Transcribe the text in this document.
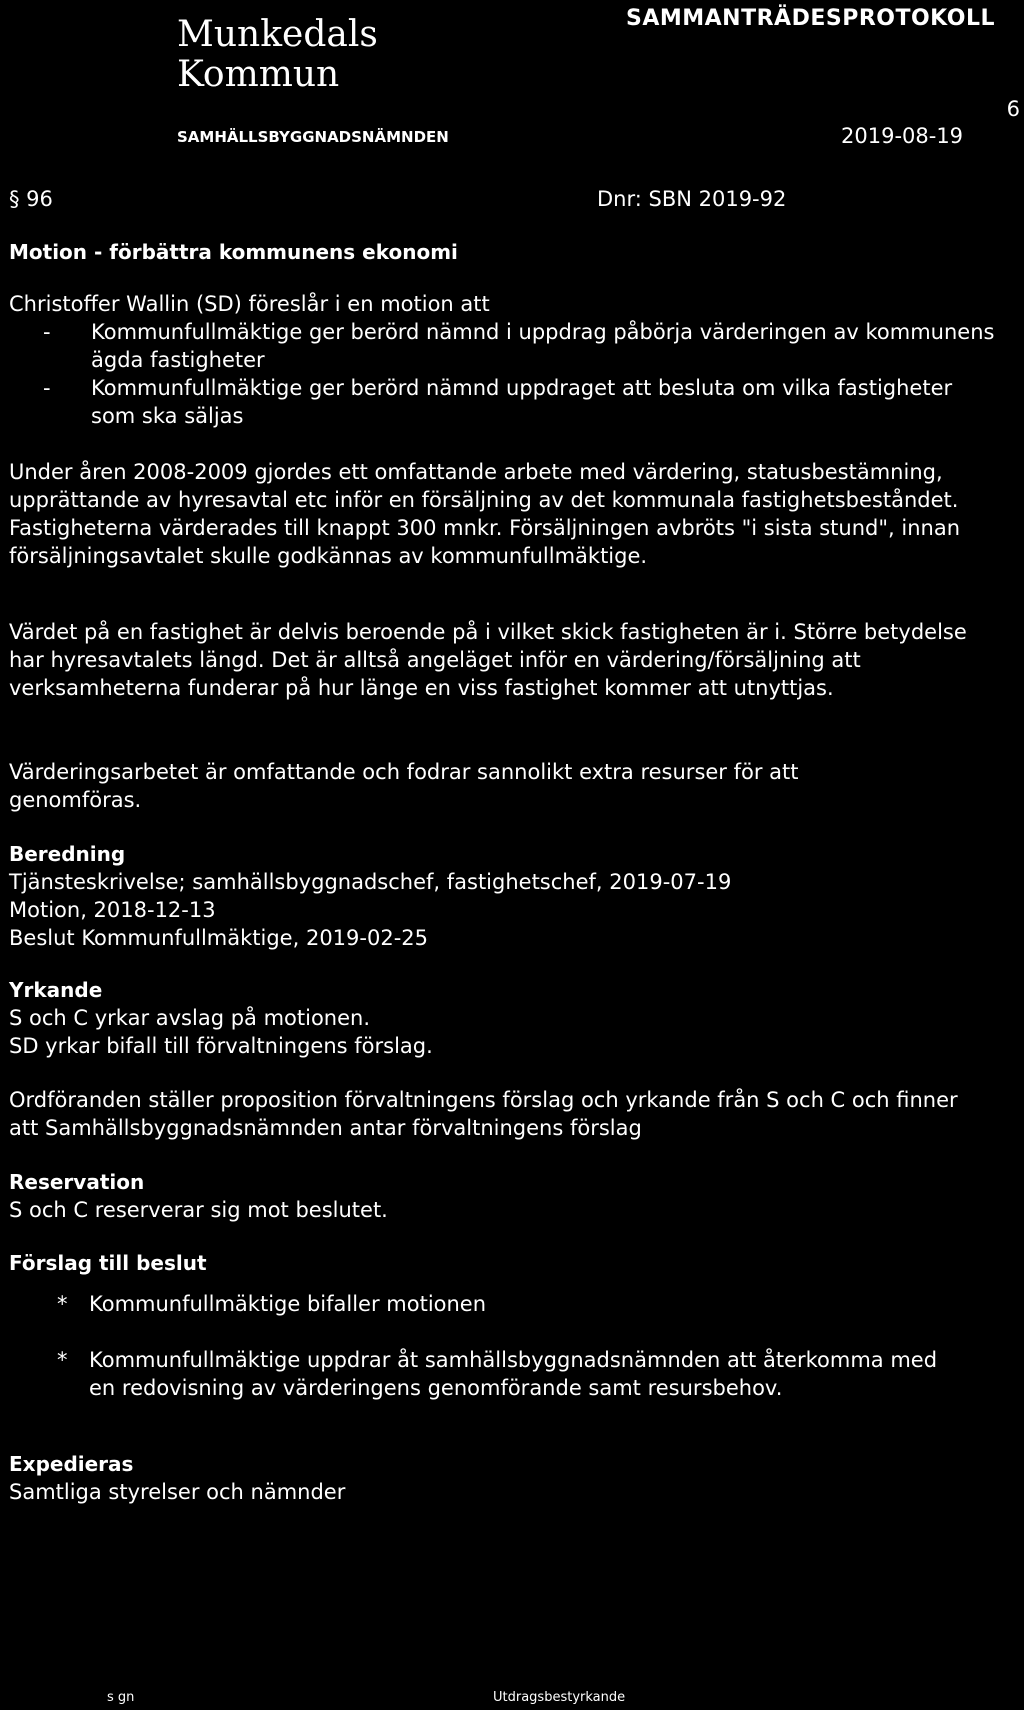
Munkedals
Kommun
SAMMANTRÄDESPROTOKOLL
SAMHÄLLSBYGGNADSNÄMNDEN
6
2019-08-19
§ 96	Dnr: SBN 2019-92
Motion - förbättra kommunens ekonomi

Christoffer Wallin (SD) föreslår i en motion att

- Kommunfullmäktige ger berörd nämnd i uppdrag påbörja värderingen av kommunens ägda fastigheter
- Kommunfullmäktige ger berörd nämnd uppdraget att besluta om vilka fastigheter som ska säljas
Under åren 2008-2009 gjordes ett omfattande arbete med värdering, statusbestämning, upprättande av hyresavtal etc inför en försäljning av det kommunala fastighetsbeståndet. Fastigheterna värderades till knappt 300 mnkr. Försäljningen avbröts "i sista stund", innan försäljningsavtalet skulle godkännas av kommunfullmäktige.
Värdet på en fastighet är delvis beroende på i vilket skick fastigheten är i. Större betydelse har hyresavtalets längd. Det är alltså angeläget inför en värdering/försäljning att verksamheterna funderar på hur länge en viss fastighet kommer att utnyttjas.
Värderingsarbetet är omfattande och fodrar sannolikt extra resurser för att genomföras.

Beredning

Tjänsteskrivelse; samhällsbyggnadschef, fastighetschef, 2019-07-19

Motion, 2018-12-13

Beslut Kommunfullmäktige, 2019-02-25

Yrkande

S och C yrkar avslag på motionen.

SD yrkar bifall till förvaltningens förslag.

Ordföranden ställer proposition förvaltningens förslag och yrkande från S och C och finner att Samhällsbyggnadsnämnden antar förvaltningens förslag

Reservation

S och C reserverar sig mot beslutet.

Förslag till beslut
* Kommunfullmäktige bifaller motionen
* Kommunfullmäktige uppdrar åt samhällsbyggnadsnämnden att återkomma med en redovisning av värderingens genomförande samt resursbehov.

Expedieras

Samtliga styrelser och nämnder

s gn	Utdragsbestyrkande
